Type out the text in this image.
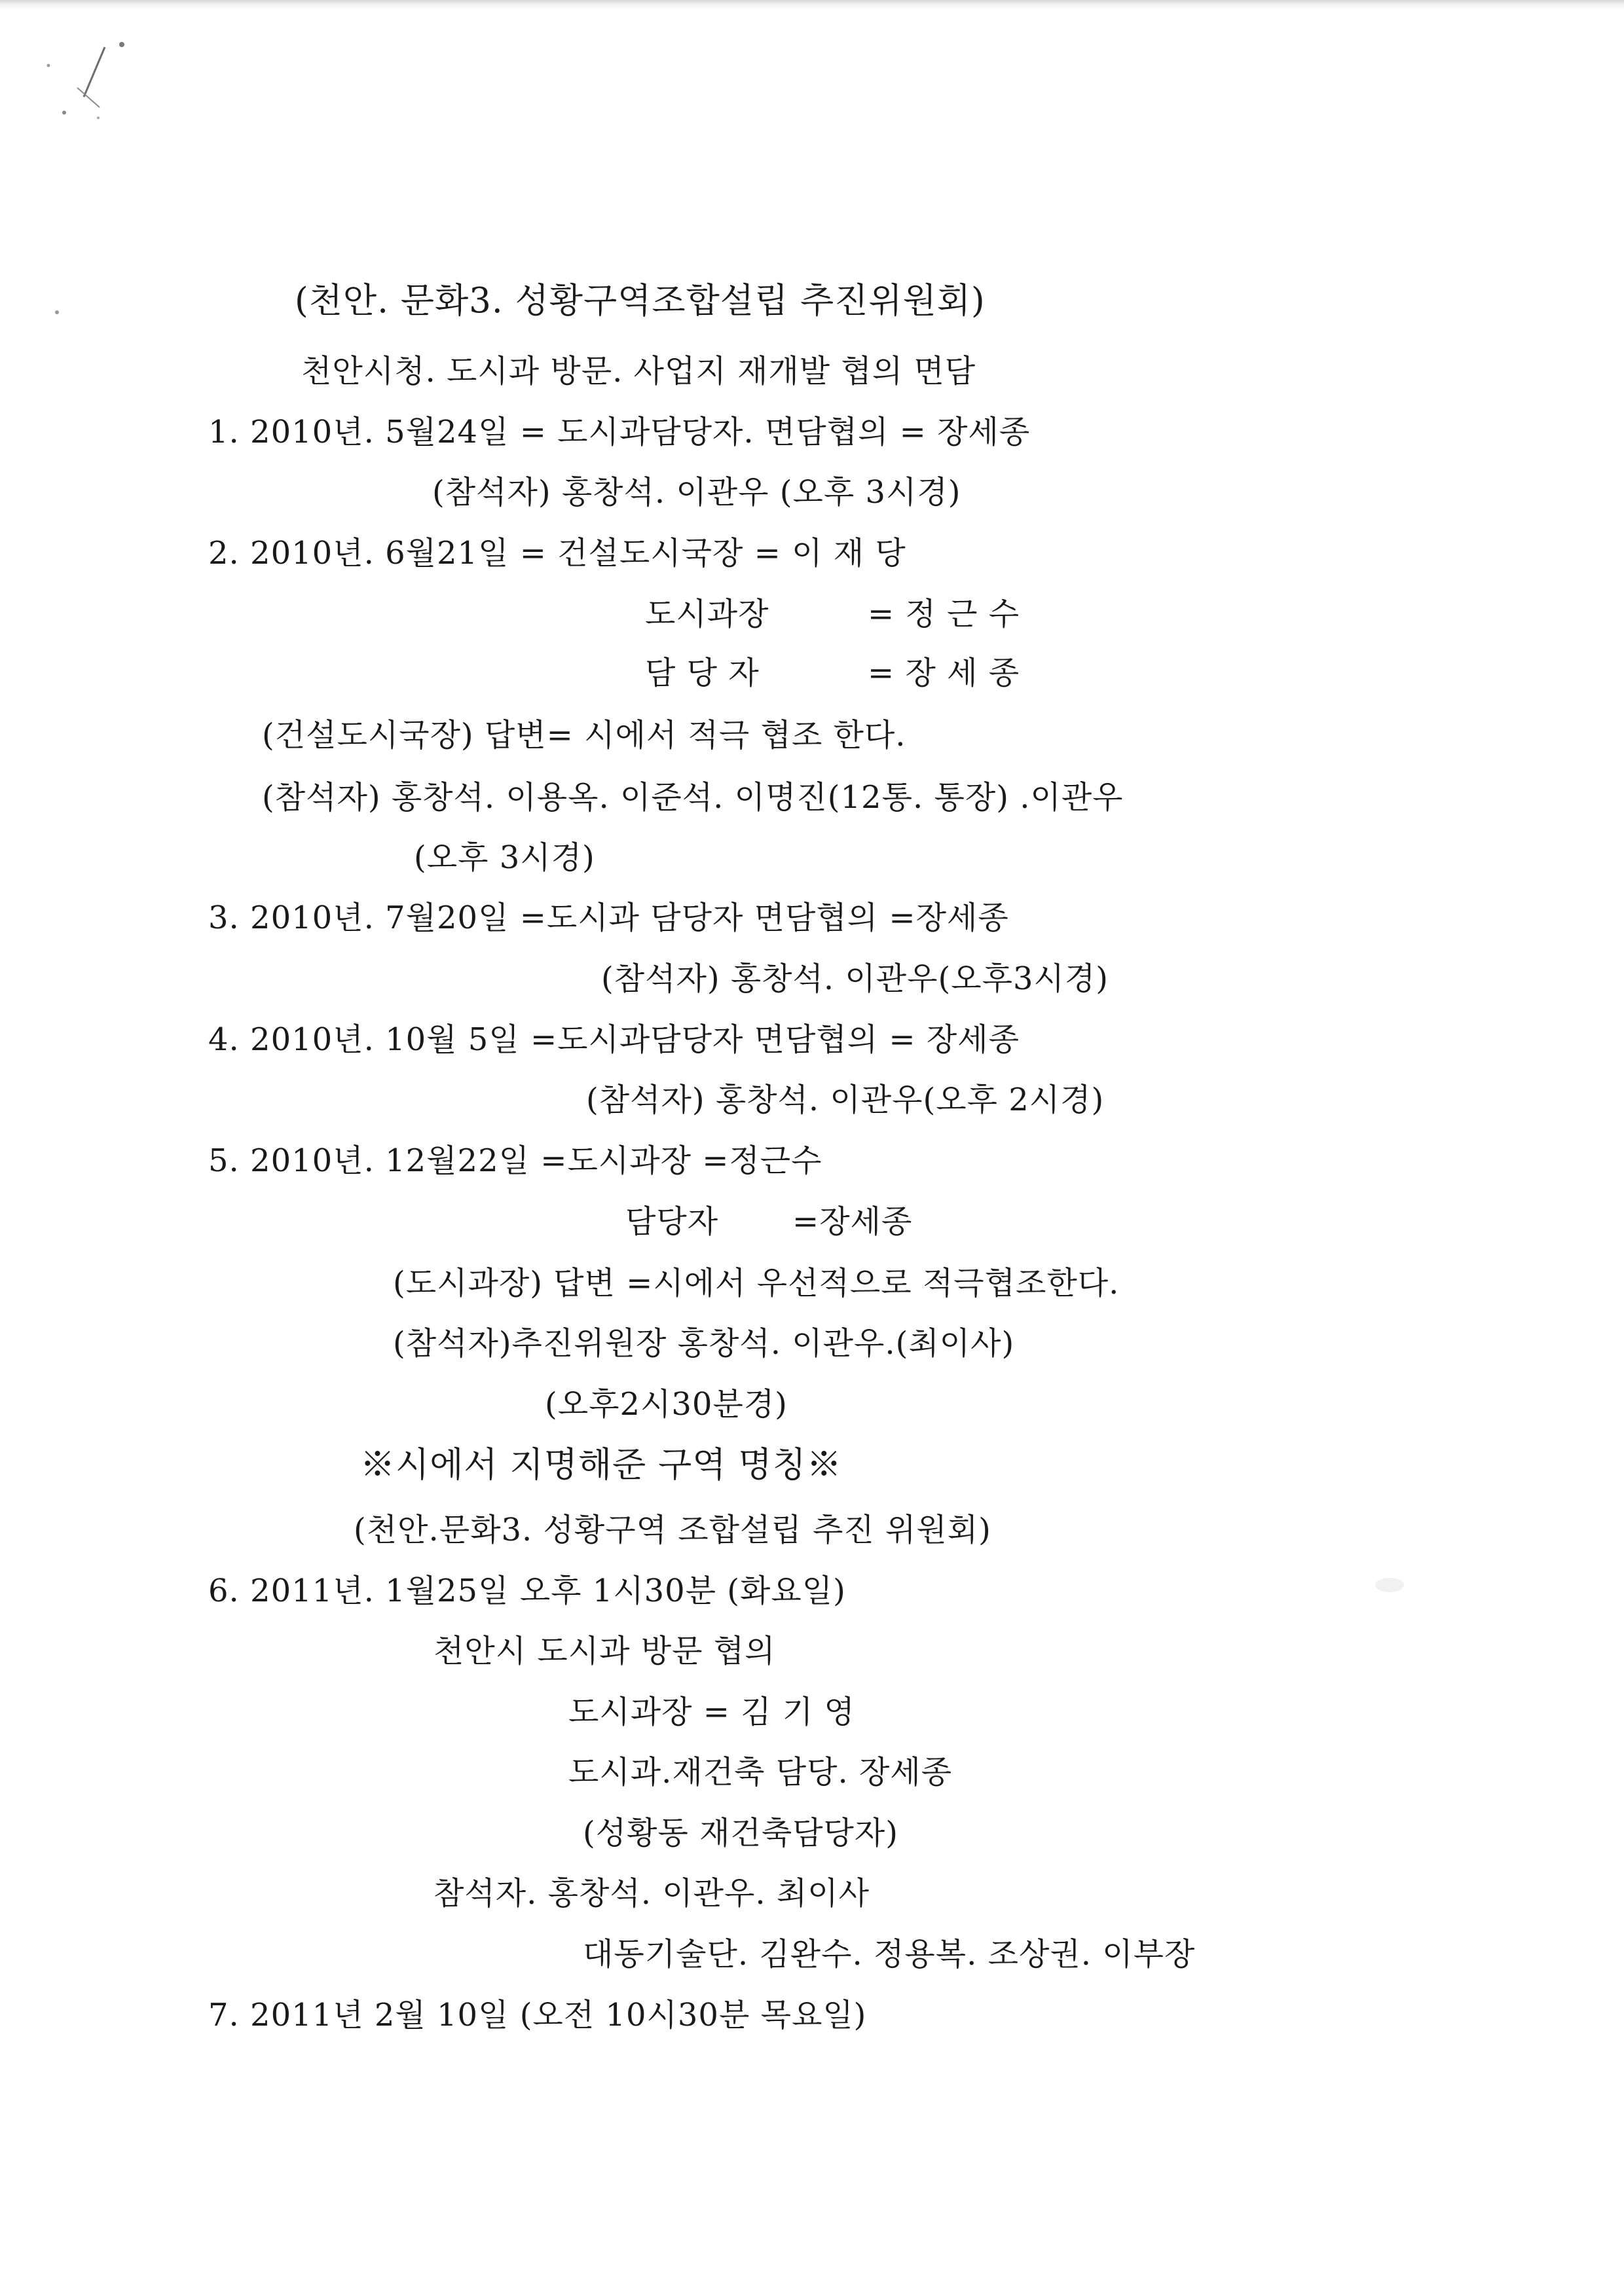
(천안. 문화3. 성황구역조합설립 추진위원회)
천안시청. 도시과 방문. 사업지 재개발 협의 면담
1. 2010년. 5월24일 = 도시과담당자. 면담협의 = 장세종
(참석자) 홍창석. 이관우 (오후 3시경)
2. 2010년. 6월21일 = 건설도시국장 = 이 재 당
도시과장	= 정 근 수
담 당 자	= 장 세 종
(건설도시국장) 답변= 시에서 적극 협조 한다.
(참석자) 홍창석. 이용옥. 이준석. 이명진(12통. 통장) .이관우
(오후 3시경)
3. 2010년. 7월20일 =도시과 담당자 면담협의 =장세종
(참석자) 홍창석. 이관우(오후3시경)
4. 2010년. 10월 5일 =도시과담당자 면담협의 = 장세종
(참석자) 홍창석. 이관우(오후 2시경)
5. 2010년. 12월22일 =도시과장 =정근수
담당자 =장세종
(도시과장) 답변 =시에서 우선적으로 적극협조한다.
(참석자)추진위원장 홍창석. 이관우.(최이사)
(오후2시30분경)
※시에서 지명해준 구역 명칭※
(천안.문화3. 성황구역 조합설립 추진 위원회)
6. 2011년. 1월25일 오후 1시30분 (화요일)
천안시 도시과 방문 협의
도시과장 = 김 기 영
도시과.재건축 담당. 장세종
(성황동 재건축담당자)
참석자. 홍창석. 이관우. 최이사
대동기술단. 김완수. 정용복. 조상권. 이부장
7. 2011년 2월 10일 (오전 10시30분 목요일)
